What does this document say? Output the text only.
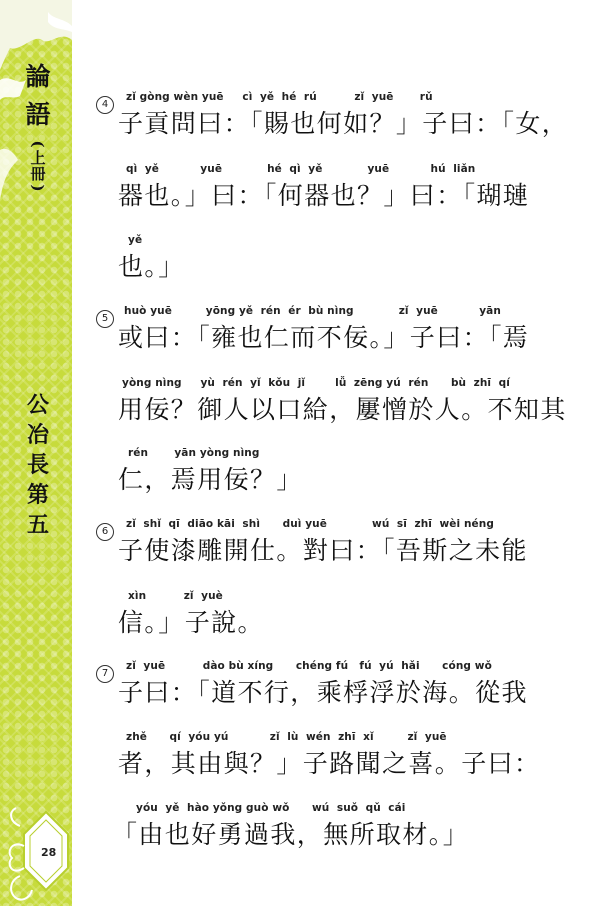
論語
(
上冊
)
公冶長第五
28
4
zǐ gòng wèn yuē     cì  yě  hé  rú          zǐ  yuē       rǔ
子貢問曰：「賜也何如？」子曰：「女，
qì  yě           yuē            hé  qì  yě            yuē           hú  liǎn
器也。」曰：「何器也？」曰：「瑚璉
yě
也。」
5
huò yuē         yōng yě  rén  ér  bù nìng            zǐ  yuē           yān
或曰：「雍也仁而不佞。」子曰：「焉
yòng nìng     yù  rén  yǐ  kǒu  jǐ        lǚ  zēng yú  rén      bù  zhī  qí
用佞？御人以口給，屢憎於人。不知其
rén       yān yòng nìng
仁，焉用佞？」
6
zǐ  shǐ  qī  diāo kāi  shì      duì yuē            wú  sī  zhī  wèi néng
子使漆雕開仕。對曰：「吾斯之未能
xìn          zǐ  yuè
信。」子說。
7
zǐ  yuē          dào bù xíng      chéng fú   fú  yú  hǎi      cóng wǒ
子曰：「道不行，乘桴浮於海。從我
zhě      qí  yóu yú           zǐ  lù  wén  zhī  xǐ         zǐ  yuē
者，其由與？」子路聞之喜。子曰：
yóu  yě  hào yǒng guò wǒ      wú  suǒ  qǔ  cái
「由也好勇過我，無所取材。」
